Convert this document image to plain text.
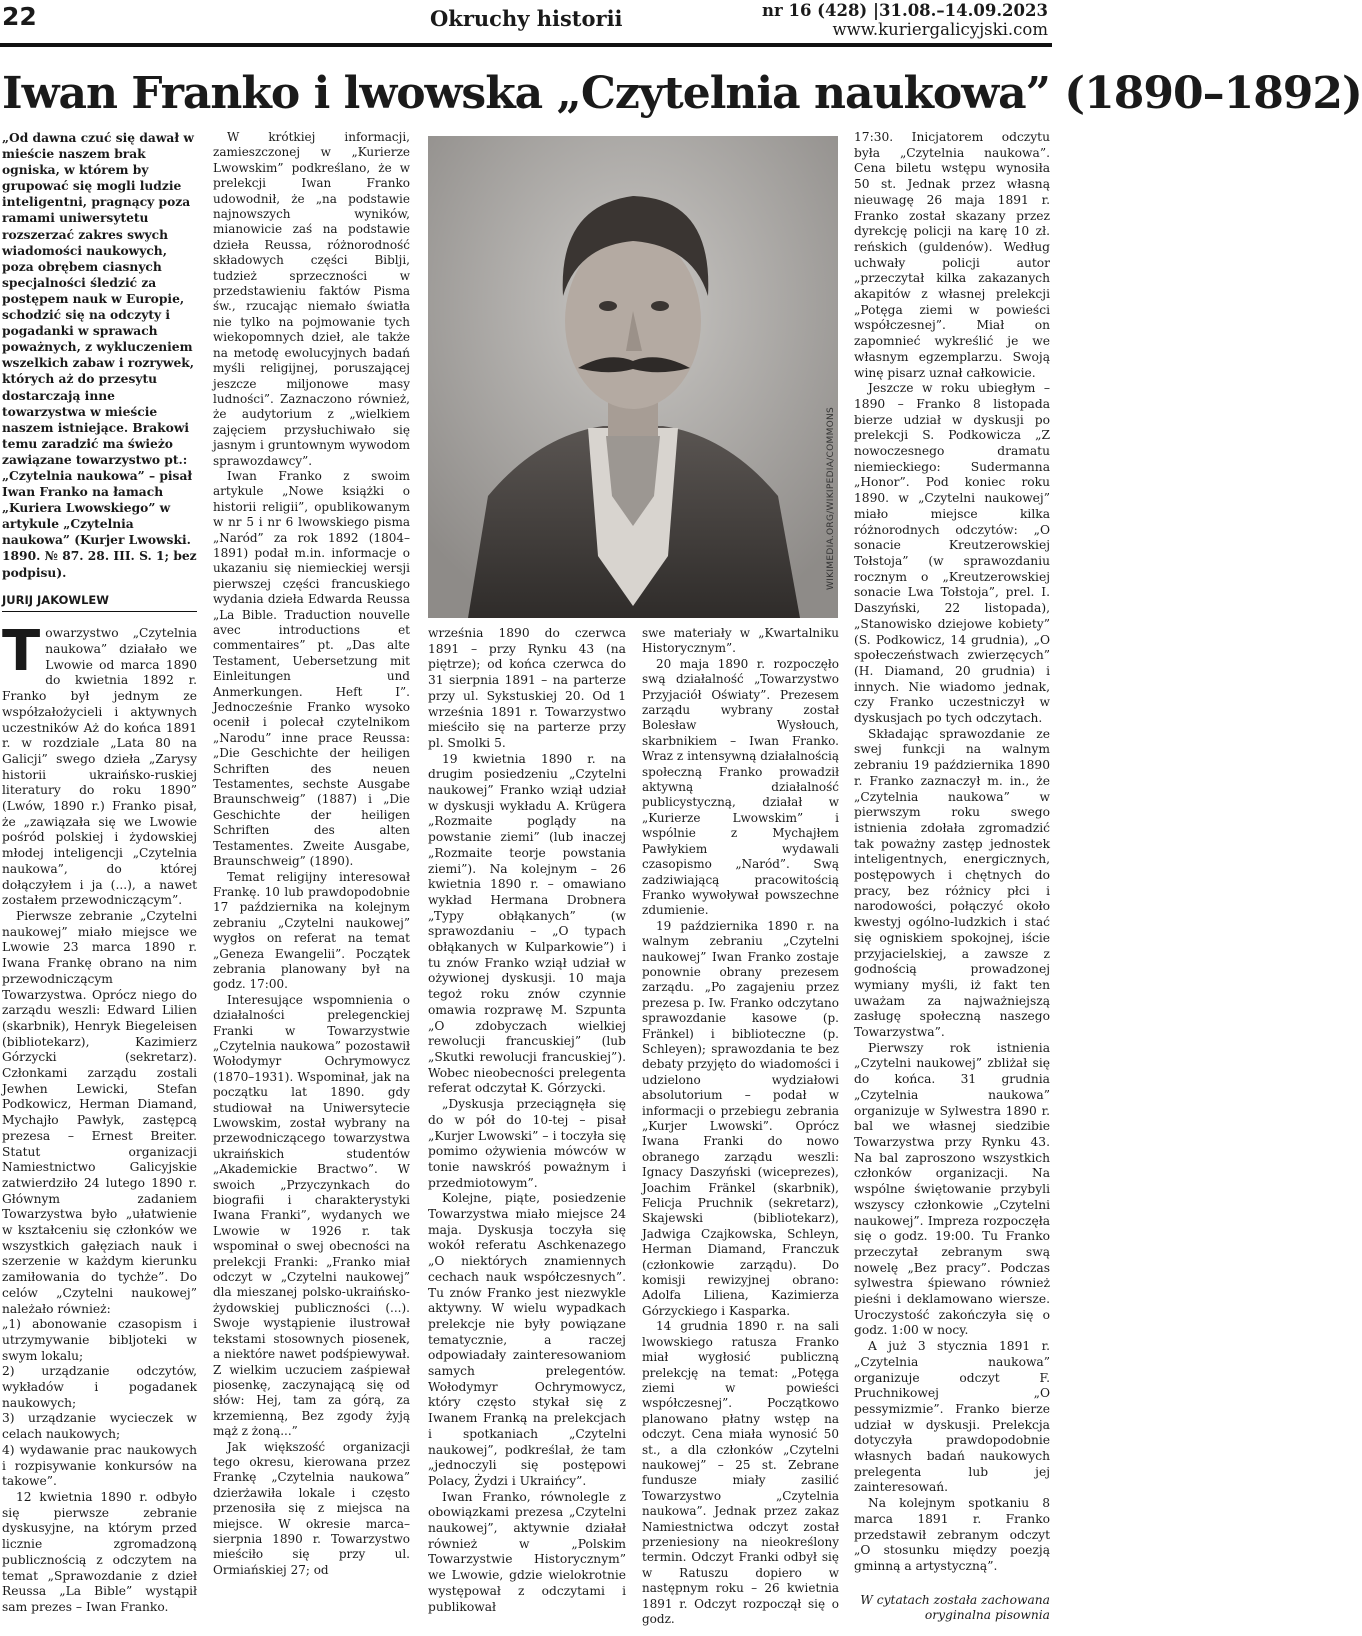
22	Okruchy historii	nr 16 (428) |31.08.–14.09.2023
www.kuriergalicyjski.com
Iwan Franko i lwowska „Czytelnia naukowa” (1890–1892)
„Od dawna czuć się dawał w mieście naszem brak ogniska, w którem by grupować się mogli ludzie inteligentni, pragnący poza ramami uniwersytetu rozszerzać zakres swych wiadomości naukowych, poza obrębem ciasnych specjalności śledzić za postępem nauk w Europie, schodzić się na odczyty i pogadanki w sprawach poważnych, z wykluczeniem wszelkich zabaw i rozrywek, których aż do przesytu dostarczają inne towarzystwa w mieście naszem istniejące. Brakowi temu zaradzić ma świeżo zawiązane towarzystwo pt.: „Czytelnia naukowa” – pisał Iwan Franko na łamach „Kuriera Lwowskiego” w artykule „Czytelnia naukowa” (Kurjer Lwowski. 1890. № 87. 28. III. S. 1; bez podpisu).
JURIJ JAKOWLEW

Towarzystwo „Czytelnia naukowa” działało we Lwowie od marca 1890 do kwietnia 1892 r. Franko był jednym ze współzałożycieli i aktywnych uczestników Aż do końca 1891 r. w rozdziale „Lata 80 na Galicji” swego dzieła „Zarysy historii ukraińsko-ruskiej literatury do roku 1890” (Lwów, 1890 r.) Franko pisał, że „zawiązała się we Lwowie pośród polskiej i żydowskiej młodej inteligencji „Czytelnia naukowa”, do której dołączyłem i ja (...), a nawet zostałem przewodniczącym”.

Pierwsze zebranie „Czytelni naukowej” miało miejsce we Lwowie 23 marca 1890 r. Iwana Frankę obrano na nim przewodniczącym Towarzystwa. Oprócz niego do zarządu weszli: Edward Lilien (skarbnik), Henryk Biegeleisen (bibliotekarz), Kazimierz Górzycki (sekretarz). Członkami zarządu zostali Jewhen Lewicki, Stefan Podkowicz, Herman Diamand, Mychajło Pawłyk, zastępcą prezesa – Ernest Breiter. Statut organizacji Namiestnictwo Galicyjskie zatwierdziło 24 lutego 1890 r. Głównym zadaniem Towarzystwa było „ułatwienie w kształceniu się członków we wszystkich gałęziach nauk i szerzenie w każdym kierunku zamiłowania do tychże”. Do celów „Czytelni naukowej” należało również:

„1) abonowanie czasopism i utrzymywanie bibljoteki w swym lokalu;

2) urządzanie odczytów, wykładów i pogadanek naukowych;

3) urządzanie wycieczek w celach naukowych;

4) wydawanie prac naukowych i rozpisywanie konkursów na takowe”.

12 kwietnia 1890 r. odbyło się pierwsze zebranie dyskusyjne, na którym przed licznie zgromadzoną publicznością z odczytem na temat „Sprawozdanie z dzieł Reussa „La Bible” wystąpił sam prezes – Iwan Franko.

W krótkiej informacji, zamieszczonej w „Kurierze Lwowskim” podkreślano, że w prelekcji Iwan Franko udowodnił, że „na podstawie najnowszych wyników, mianowicie zaś na podstawie dzieła Reussa, różnorodność składowych części Biblji, tudzież sprzeczności w przedstawieniu faktów Pisma św., rzucając niemało światła nie tylko na pojmowanie tych wiekopomnych dzieł, ale także na metodę ewolucyjnych badań myśli religijnej, poruszającej jeszcze miljonowe masy ludności”. Zaznaczono również, że audytorium z „wielkiem zajęciem przysłuchiwało się jasnym i gruntownym wywodom sprawozdawcy”.

Iwan Franko z swoim artykule „Nowe książki o historii religii”, opublikowanym w nr 5 i nr 6 lwowskiego pisma „Naród” za rok 1892 (1804–1891) podał m.in. informacje o ukazaniu się niemieckiej wersji pierwszej części francuskiego wydania dzieła Edwarda Reussa „La Bible. Traduction nouvelle avec introductions et commentaires” pt. „Das alte Testament, Uebersetzung mit Einleitungen und Anmerkungen. Heft I”. Jednocześnie Franko wysoko ocenił i polecał czytelnikom „Narodu” inne prace Reussa: „Die Geschichte der heiligen Schriften des neuen Testamentes, sechste Ausgabe Braunschweig” (1887) i „Die Geschichte der heiligen Schriften des alten Testamentes. Zweite Ausgabe, Braunschweig” (1890).

Temat religijny interesował Frankę. 10 lub prawdopodobnie 17 października na kolejnym zebraniu „Czytelni naukowej” wygłos on referat na temat „Geneza Ewangelii”. Początek zebrania planowany był na godz. 17:00.

Interesujące wspomnienia o działalności prelegenckiej Franki w Towarzystwie „Czytelnia naukowa” pozostawił Wołodymyr Ochrymowycz (1870–1931). Wspominał, jak na początku lat 1890. gdy studiował na Uniwersytecie Lwowskim, został wybrany na przewodniczącego towarzystwa ukraińskich studentów „Akademickie Bractwo”. W swoich „Przyczynkach do biografii i charakterystyki Iwana Franki”, wydanych we Lwowie w 1926 r. tak wspominał o swej obecności na prelekcji Franki: „Franko miał odczyt w „Czytelni naukowej” dla mieszanej polsko-ukraińsko-żydowskiej publiczności (...). Swoje wystąpienie ilustrował tekstami stosownych piosenek, a niektóre nawet podśpiewywał. Z wielkim uczuciem zaśpiewał piosenkę, zaczynającą się od słów: Hej, tam za górą, za krzemienną, Bez zgody żyją mąż z żoną...”

Jak większość organizacji tego okresu, kierowana przez Frankę „Czytelnia naukowa” dzierżawiła lokale i często przenosiła się z miejsca na miejsce. W okresie marca–sierpnia 1890 r. Towarzystwo mieściło się przy ul. Ormiańskiej 27; od

WIKIMEDIA.ORG/WIKIPEDIA/COMMONS

września 1890 do czerwca 1891 – przy Rynku 43 (na piętrze); od końca czerwca do 31 sierpnia 1891 – na parterze przy ul. Sykstuskiej 20. Od 1 września 1891 r. Towarzystwo mieściło się na parterze przy pl. Smolki 5.

19 kwietnia 1890 r. na drugim posiedzeniu „Czytelni naukowej” Franko wziął udział w dyskusji wykładu A. Krügera „Rozmaite poglądy na powstanie ziemi” (lub inaczej „Rozmaite teorje powstania ziemi”). Na kolejnym – 26 kwietnia 1890 r. – omawiano wykład Hermana Drobnera „Typy obłąkanych” (w sprawozdaniu – „O typach obłąkanych w Kulparkowie”) i tu znów Franko wziął udział w ożywionej dyskusji. 10 maja tegoż roku znów czynnie omawia rozprawę M. Szpunta „O zdobyczach wielkiej rewolucji francuskiej” (lub „Skutki rewolucji francuskiej”). Wobec nieobecności prelegenta referat odczytał K. Górzycki.

„Dyskusja przeciągnęła się do w pół do 10-tej – pisał „Kurjer Lwowski” – i toczyła się pomimo ożywienia mówców w tonie nawskróś poważnym i przedmiotowym”.

Kolejne, piąte, posiedzenie Towarzystwa miało miejsce 24 maja. Dyskusja toczyła się wokół referatu Aschkenazego „O niektórych znamiennych cechach nauk współczesnych”. Tu znów Franko jest niezwykle aktywny. W wielu wypadkach prelekcje nie były powiązane tematycznie, a raczej odpowiadały zainteresowaniom samych prelegentów. Wołodymyr Ochrymowycz, który często stykał się z Iwanem Franką na prelekcjach i spotkaniach „Czytelni naukowej”, podkreślał, że tam „jednoczyli się postępowi Polacy, Żydzi i Ukraińcy”.

Iwan Franko, równolegle z obowiązkami prezesa „Czytelni naukowej”, aktywnie działał również w „Polskim Towarzystwie Historycznym” we Lwowie, gdzie wielokrotnie występował z odczytami i publikował

swe materiały w „Kwartalniku Historycznym”.

20 maja 1890 r. rozpoczęło swą działalność „Towarzystwo Przyjaciół Oświaty”. Prezesem zarządu wybrany został Bolesław Wysłouch, skarbnikiem – Iwan Franko. Wraz z intensywną działalnością społeczną Franko prowadził aktywną działalność publicystyczną, działał w „Kurierze Lwowskim” i wspólnie z Mychajłem Pawłykiem wydawali czasopismo „Naród”. Swą zadziwiającą pracowitością Franko wywoływał powszechne zdumienie.

19 października 1890 r. na walnym zebraniu „Czytelni naukowej” Iwan Franko zostaje ponownie obrany prezesem zarządu. „Po zagajeniu przez prezesa p. Iw. Franko odczytano sprawozdanie kasowe (p. Fränkel) i biblioteczne (p. Schleyen); sprawozdania te bez debaty przyjęto do wiadomości i udzielono wydziałowi absolutorium – podał w informacji o przebiegu zebrania „Kurjer Lwowski”. Oprócz Iwana Franki do nowo obranego zarządu weszli: Ignacy Daszyński (wiceprezes), Joachim Fränkel (skarbnik), Felicja Pruchnik (sekretarz), Skajewski (bibliotekarz), Jadwiga Czajkowska, Schleyn, Herman Diamand, Franczuk (członkowie zarządu). Do komisji rewizyjnej obrano: Adolfa Liliena, Kazimierza Górzyckiego i Kasparka.

14 grudnia 1890 r. na sali lwowskiego ratusza Franko miał wygłosić publiczną prelekcję na temat: „Potęga ziemi w powieści współczesnej”. Początkowo planowano płatny wstęp na odczyt. Cena miała wynosić 50 st., a dla członków „Czytelni naukowej” – 25 st. Zebrane fundusze miały zasilić Towarzystwo „Czytelnia naukowa”. Jednak przez zakaz Namiestnictwa odczyt został przeniesiony na nieokreślony termin. Odczyt Franki odbył się w Ratuszu dopiero w następnym roku – 26 kwietnia 1891 r. Odczyt rozpoczął się o godz.

17:30. Inicjatorem odczytu była „Czytelnia naukowa”. Cena biletu wstępu wynosiła 50 st. Jednak przez własną nieuwagę 26 maja 1891 r. Franko został skazany przez dyrekcję policji na karę 10 zł. reńskich (guldenów). Według uchwały policji autor „przeczytał kilka zakazanych akapitów z własnej prelekcji „Potęga ziemi w powieści współczesnej”. Miał on zapomnieć wykreślić je we własnym egzemplarzu. Swoją winę pisarz uznał całkowicie.

Jeszcze w roku ubiegłym – 1890 – Franko 8 listopada bierze udział w dyskusji po prelekcji S. Podkowicza „Z nowoczesnego dramatu niemieckiego: Sudermanna „Honor”. Pod koniec roku 1890. w „Czytelni naukowej” miało miejsce kilka różnorodnych odczytów: „O sonacie Kreutzerowskiej Tołstoja” (w sprawozdaniu rocznym o „Kreutzerowskiej sonacie Lwa Tołstoja”, prel. I. Daszyński, 22 listopada), „Stanowisko dziejowe kobiety” (S. Podkowicz, 14 grudnia), „O społeczeństwach zwierzęcych” (H. Diamand, 20 grudnia) i innych. Nie wiadomo jednak, czy Franko uczestniczył w dyskusjach po tych odczytach.

Składając sprawozdanie ze swej funkcji na walnym zebraniu 19 października 1890 r. Franko zaznaczył m. in., że „Czytelnia naukowa” w pierwszym roku swego istnienia zdołała zgromadzić tak poważny zastęp jednostek inteligentnych, energicznych, postępowych i chętnych do pracy, bez różnicy płci i narodowości, połączyć około kwestyj ogólno-ludzkich i stać się ogniskiem spokojnej, iście przyjacielskiej, a zawsze z godnością prowadzonej wymiany myśli, iż fakt ten uważam za najważniejszą zasługę społeczną naszego Towarzystwa”.

Pierwszy rok istnienia „Czytelni naukowej” zbliżał się do końca. 31 grudnia „Czytelnia naukowa” organizuje w Sylwestra 1890 r. bal we własnej siedzibie Towarzystwa przy Rynku 43. Na bal zaproszono wszystkich członków organizacji. Na wspólne świętowanie przybyli wszyscy członkowie „Czytelni naukowej”. Impreza rozpoczęła się o godz. 19:00. Tu Franko przeczytał zebranym swą nowelę „Bez pracy”. Podczas sylwestra śpiewano również pieśni i deklamowano wiersze. Uroczystość zakończyła się o godz. 1:00 w nocy.

A już 3 stycznia 1891 r. „Czytelnia naukowa” organizuje odczyt F. Pruchnikowej „O pessymizmie”. Franko bierze udział w dyskusji. Prelekcja dotyczyła prawdopodobnie własnych badań naukowych prelegenta lub jej zainteresowań.

Na kolejnym spotkaniu 8 marca 1891 r. Franko przedstawił zebranym odczyt „O stosunku między poezją gminną a artystyczną”.

W cytatach została zachowana oryginalna pisownia
